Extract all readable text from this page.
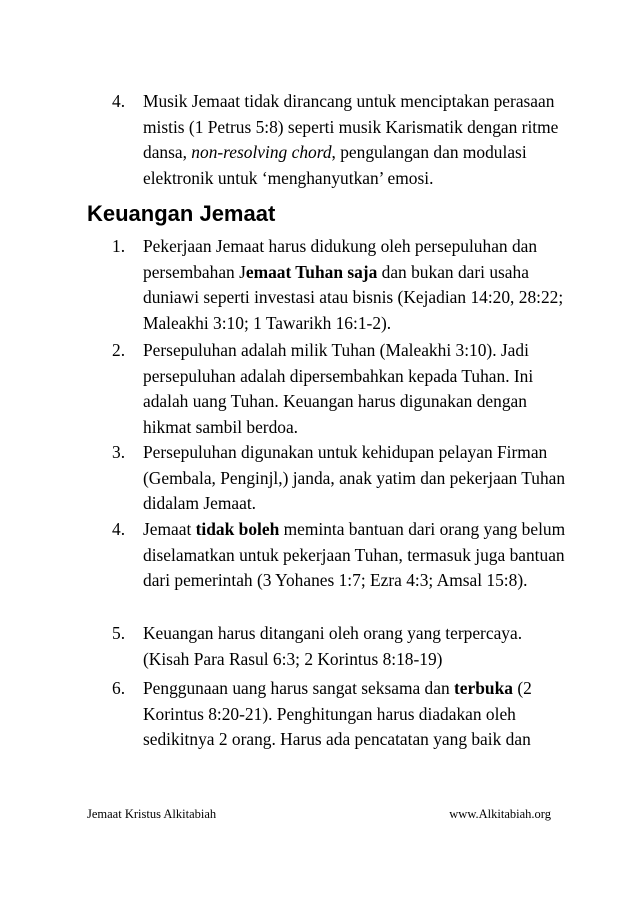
4. Musik Jemaat tidak dirancang untuk menciptakan perasaan mistis (1 Petrus 5:8) seperti musik Karismatik dengan ritme dansa, non-resolving chord, pengulangan dan modulasi elektronik untuk ‘menghanyutkan’ emosi.
Keuangan Jemaat
1. Pekerjaan Jemaat harus didukung oleh persepuluhan dan persembahan Jemaat Tuhan saja dan bukan dari usaha duniawi seperti investasi atau bisnis (Kejadian 14:20, 28:22; Maleakhi 3:10; 1 Tawarikh 16:1-2).
2. Persepuluhan adalah milik Tuhan (Maleakhi 3:10). Jadi persepuluhan adalah dipersembahkan kepada Tuhan. Ini adalah uang Tuhan. Keuangan harus digunakan dengan hikmat sambil berdoa.
3. Persepuluhan digunakan untuk kehidupan pelayan Firman (Gembala, Penginjl,) janda, anak yatim dan pekerjaan Tuhan didalam Jemaat.
4. Jemaat tidak boleh meminta bantuan dari orang yang belum diselamatkan untuk pekerjaan Tuhan, termasuk juga bantuan dari pemerintah (3 Yohanes 1:7; Ezra 4:3; Amsal 15:8).
5. Keuangan harus ditangani oleh orang yang terpercaya. (Kisah Para Rasul 6:3; 2 Korintus 8:18-19)
6. Penggunaan uang harus sangat seksama dan terbuka (2 Korintus 8:20-21). Penghitungan harus diadakan oleh sedikitnya 2 orang. Harus ada pencatatan yang baik dan
Jemaat Kristus Alkitabiah	www.Alkitabiah.org
